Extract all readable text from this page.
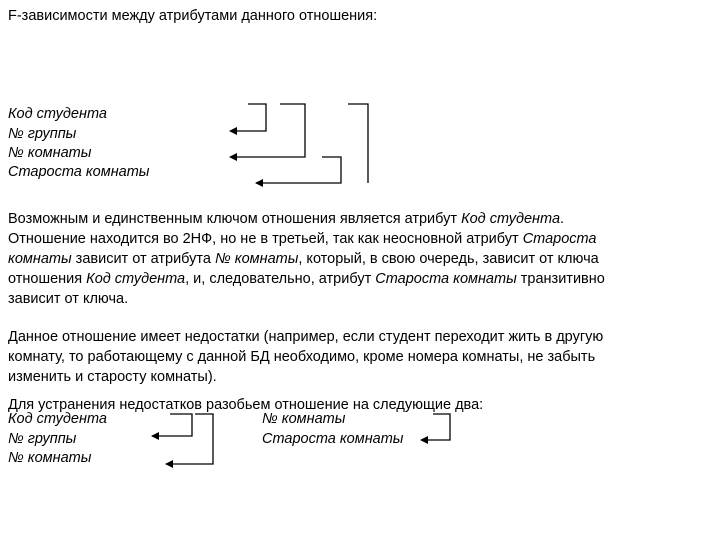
F-зависимости между атрибутами данного отношения:
Код студента
№ группы
№ комнаты
Староста комнаты
Возможным и единственным ключом отношения является атрибут Код студента.
Отношение находится во 2НФ, но не в третьей, так как неосновной атрибут Староста
комнаты зависит от атрибута № комнаты, который, в свою очередь, зависит от ключа
отношения Код студента, и, следовательно, атрибут Староста комнаты транзитивно
зависит от ключа.
Данное отношение имеет недостатки (например, если студент переходит жить в другую
комнату, то работающему с данной БД необходимо, кроме номера комнаты, не забыть
изменить и старосту комнаты).
Для устранения недостатков разобьем отношение на следующие два:
Код студента
№ группы
№ комнаты
№ комнаты
Староста комнаты
